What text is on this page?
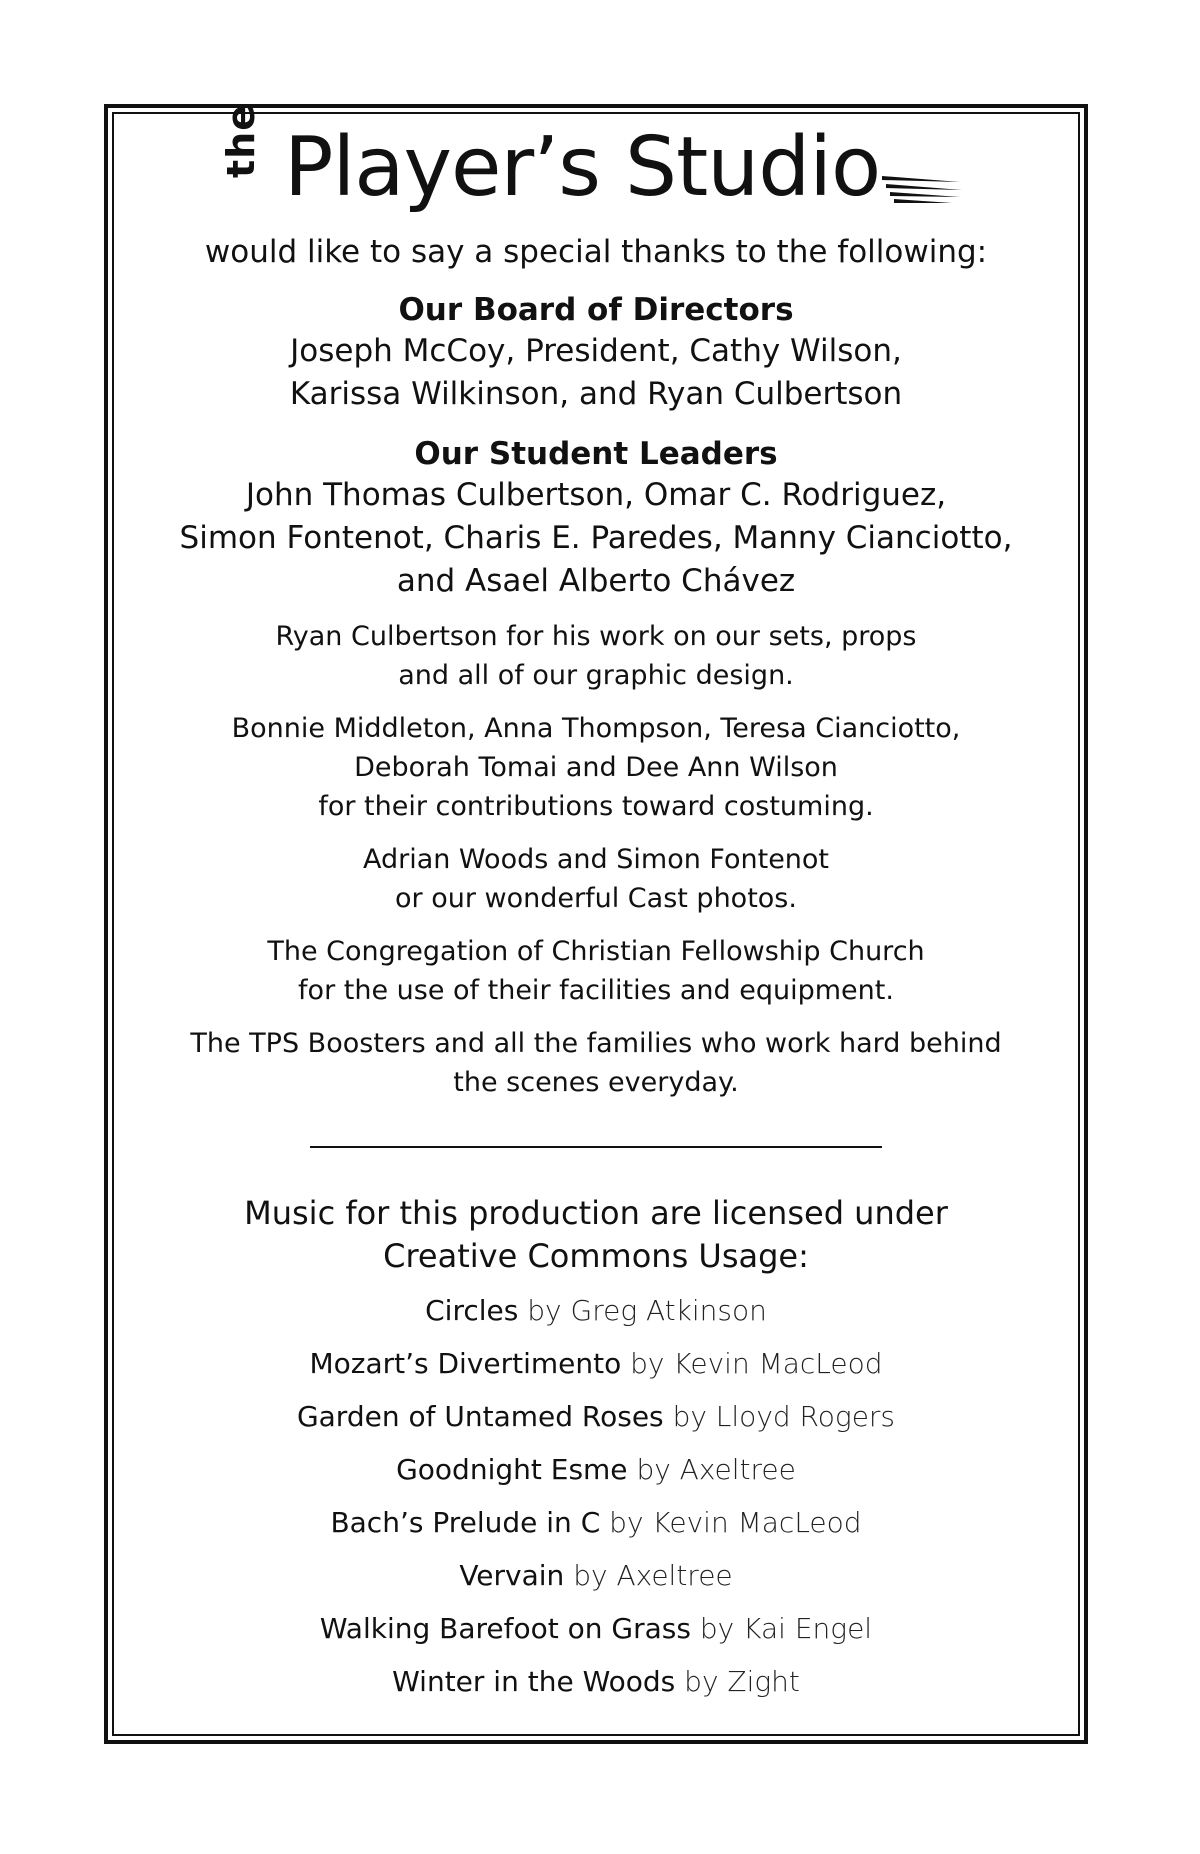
the Player’s Studio
would like to say a special thanks to the following:
Our Board of Directors
Joseph McCoy, President, Cathy Wilson,
Karissa Wilkinson, and Ryan Culbertson
Our Student Leaders
John Thomas Culbertson, Omar C. Rodriguez,
Simon Fontenot, Charis E. Paredes, Manny Cianciotto,
and Asael Alberto Chávez
Ryan Culbertson for his work on our sets, props
and all of our graphic design.
Bonnie Middleton, Anna Thompson, Teresa Cianciotto,
Deborah Tomai and Dee Ann Wilson
for their contributions toward costuming.
Adrian Woods and Simon Fontenot
or our wonderful Cast photos.
The Congregation of Christian Fellowship Church
for the use of their facilities and equipment.
The TPS Boosters and all the families who work hard behind
the scenes everyday.
Music for this production are licensed under
Creative Commons Usage:
Circles by Greg Atkinson
Mozart’s Divertimento by Kevin MacLeod
Garden of Untamed Roses by Lloyd Rogers
Goodnight Esme by Axeltree
Bach’s Prelude in C by Kevin MacLeod
Vervain by Axeltree
Walking Barefoot on Grass by Kai Engel
Winter in the Woods by Zight
